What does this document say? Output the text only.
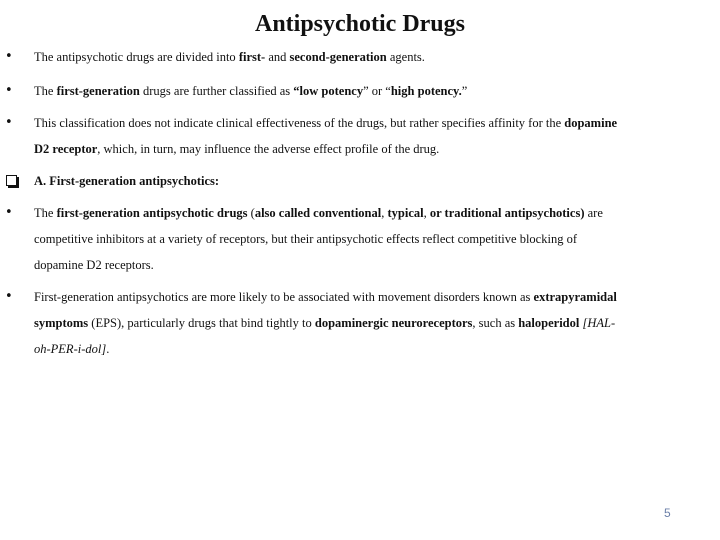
Antipsychotic Drugs
• The antipsychotic drugs are divided into first- and second-generation agents.
• The first-generation drugs are further classified as “low potency” or “high potency.”
• This classification does not indicate clinical effectiveness of the drugs, but rather specifies affinity for the dopamine
D2 receptor, which, in turn, may influence the adverse effect profile of the drug.
A. First-generation antipsychotics:
• The first-generation antipsychotic drugs (also called conventional, typical, or traditional antipsychotics) are
competitive inhibitors at a variety of receptors, but their antipsychotic effects reflect competitive blocking of
dopamine D2 receptors.
• First-generation antipsychotics are more likely to be associated with movement disorders known as extrapyramidal
symptoms (EPS), particularly drugs that bind tightly to dopaminergic neuroreceptors, such as haloperidol [HAL-
oh-PER-i-dol].
5
